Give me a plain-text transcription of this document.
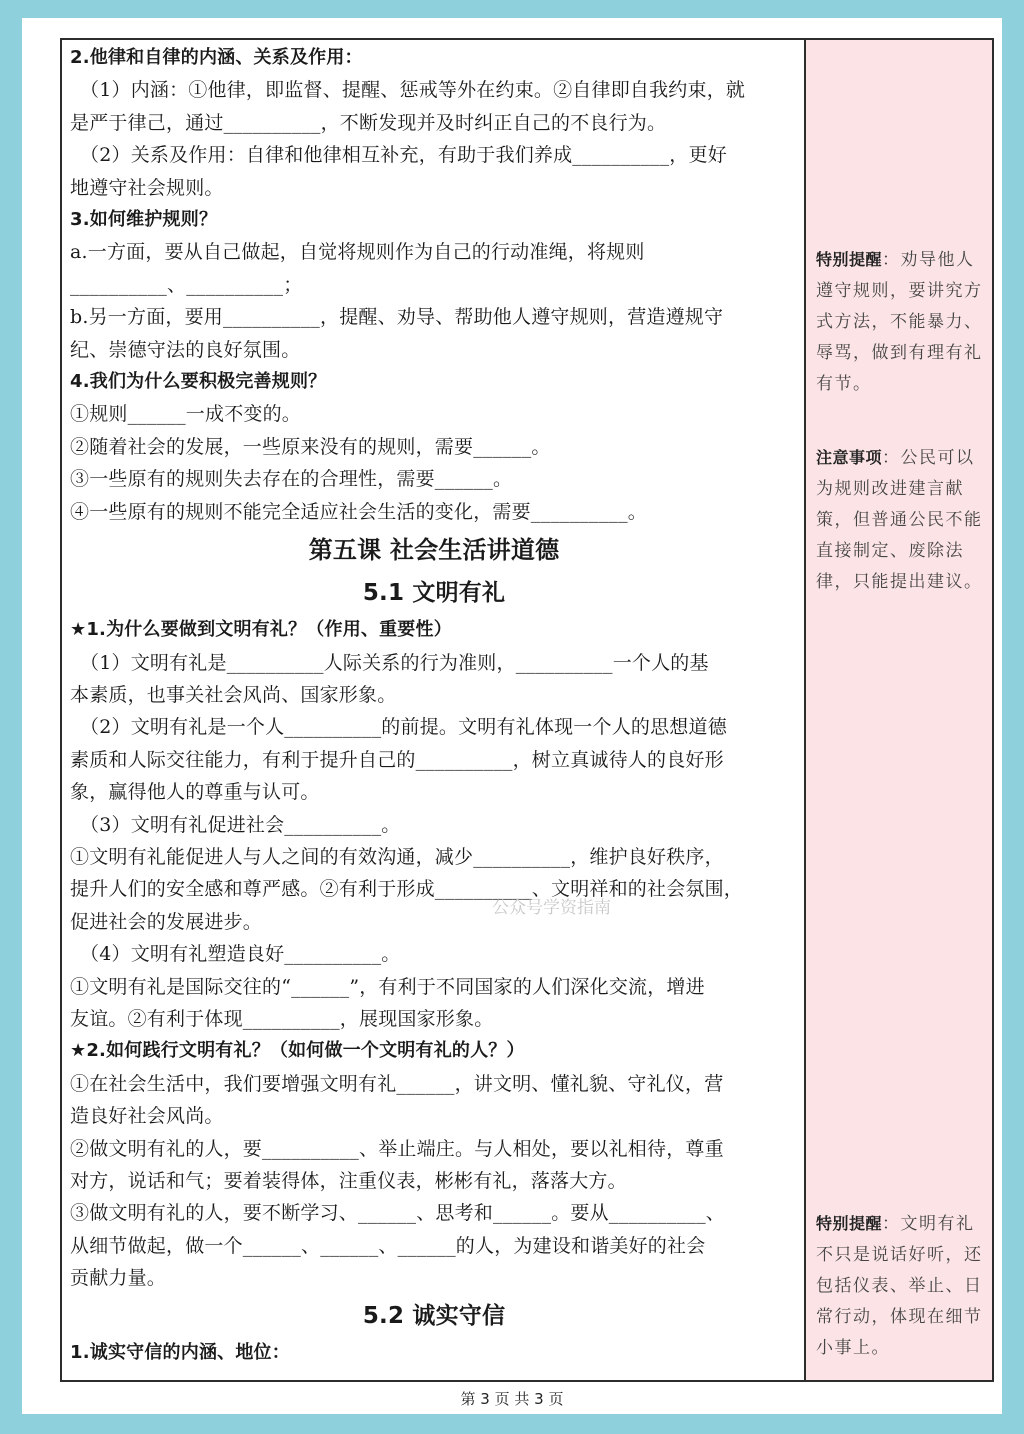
2.他律和自律的内涵、关系及作用：
（1）内涵：①他律，即监督、提醒、惩戒等外在约束。②自律即自我约束，就
是严于律己，通过__________，不断发现并及时纠正自己的不良行为。
（2）关系及作用：自律和他律相互补充，有助于我们养成__________，更好
地遵守社会规则。
3.如何维护规则？
a.一方面，要从自己做起，自觉将规则作为自己的行动准绳，将规则
__________、__________；
b.另一方面，要用__________，提醒、劝导、帮助他人遵守规则，营造遵规守
纪、崇德守法的良好氛围。
4.我们为什么要积极完善规则？
①规则______一成不变的。
②随着社会的发展，一些原来没有的规则，需要______。
③一些原有的规则失去存在的合理性，需要______。
④一些原有的规则不能完全适应社会生活的变化，需要__________。
第五课 社会生活讲道德
5.1 文明有礼
★1.为什么要做到文明有礼？（作用、重要性）
（1）文明有礼是__________人际关系的行为准则，__________一个人的基
本素质，也事关社会风尚、国家形象。
（2）文明有礼是一个人__________的前提。文明有礼体现一个人的思想道德
素质和人际交往能力，有利于提升自己的__________，树立真诚待人的良好形
象，赢得他人的尊重与认可。
（3）文明有礼促进社会__________。
①文明有礼能促进人与人之间的有效沟通，减少__________，维护良好秩序，
提升人们的安全感和尊严感。②有利于形成__________、文明祥和的社会氛围，
促进社会的发展进步。
（4）文明有礼塑造良好__________。
①文明有礼是国际交往的“______”，有利于不同国家的人们深化交流，增进
友谊。②有利于体现__________，展现国家形象。
★2.如何践行文明有礼？（如何做一个文明有礼的人？）
①在社会生活中，我们要增强文明有礼______，讲文明、懂礼貌、守礼仪，营
造良好社会风尚。
②做文明有礼的人，要__________、举止端庄。与人相处，要以礼相待，尊重
对方，说话和气；要着装得体，注重仪表，彬彬有礼，落落大方。
③做文明有礼的人，要不断学习、______、思考和______。要从__________、
从细节做起，做一个______、______、______的人，为建设和谐美好的社会
贡献力量。
5.2 诚实守信
1.诚实守信的内涵、地位：
特别提醒：劝导他人遵守规则，要讲究方式方法，不能暴力、辱骂，做到有理有礼有节。
注意事项：公民可以为规则改进建言献策，但普通公民不能直接制定、废除法律，只能提出建议。
特别提醒：文明有礼不只是说话好听，还包括仪表、举止、日常行动，体现在细节小事上。
公众号学资指南
第 3 页 共 3 页
